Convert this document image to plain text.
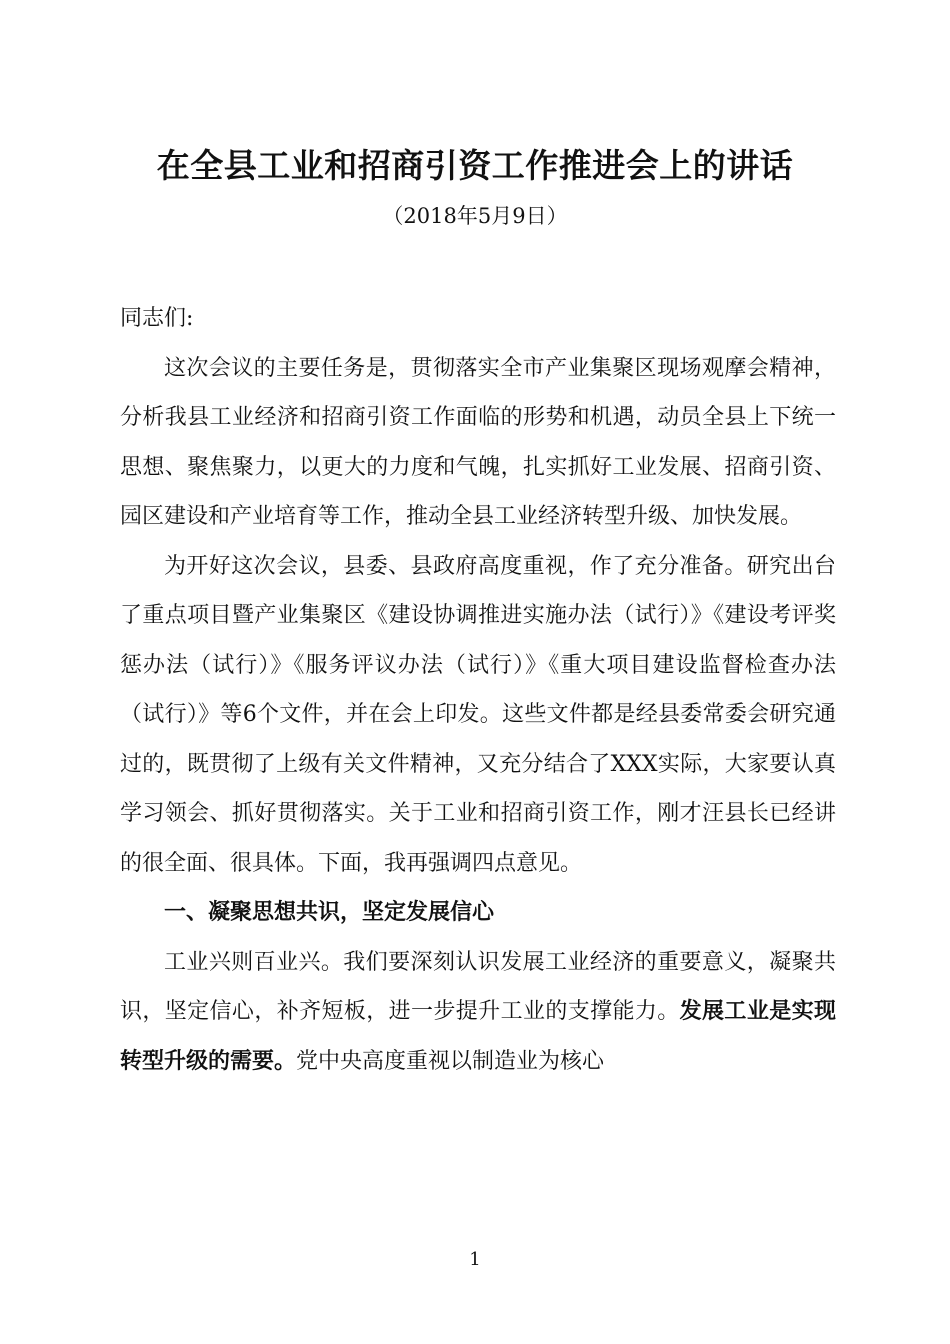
在全县工业和招商引资工作推进会上的讲话
（2018年5月9日）

同志们:

这次会议的主要任务是，贯彻落实全市产业集聚区现场观摩会精神，分析我县工业经济和招商引资工作面临的形势和机遇，动员全县上下统一思想、聚焦聚力，以更大的力度和气魄，扎实抓好工业发展、招商引资、园区建设和产业培育等工作，推动全县工业经济转型升级、加快发展。

为开好这次会议，县委、县政府高度重视，作了充分准备。研究出台了重点项目暨产业集聚区《建设协调推进实施办法（试行）》《建设考评奖惩办法（试行）》《服务评议办法（试行）》《重大项目建设监督检查办法（试行）》等6个文件，并在会上印发。这些文件都是经县委常委会研究通过的，既贯彻了上级有关文件精神，又充分结合了XXX实际，大家要认真学习领会、抓好贯彻落实。关于工业和招商引资工作，刚才汪县长已经讲的很全面、很具体。下面，我再强调四点意见。

一、凝聚思想共识，坚定发展信心

工业兴则百业兴。我们要深刻认识发展工业经济的重要意义，凝聚共识，坚定信心，补齐短板，进一步提升工业的支撑能力。发展工业是实现转型升级的需要。党中央高度重视以制造业为核心

1
